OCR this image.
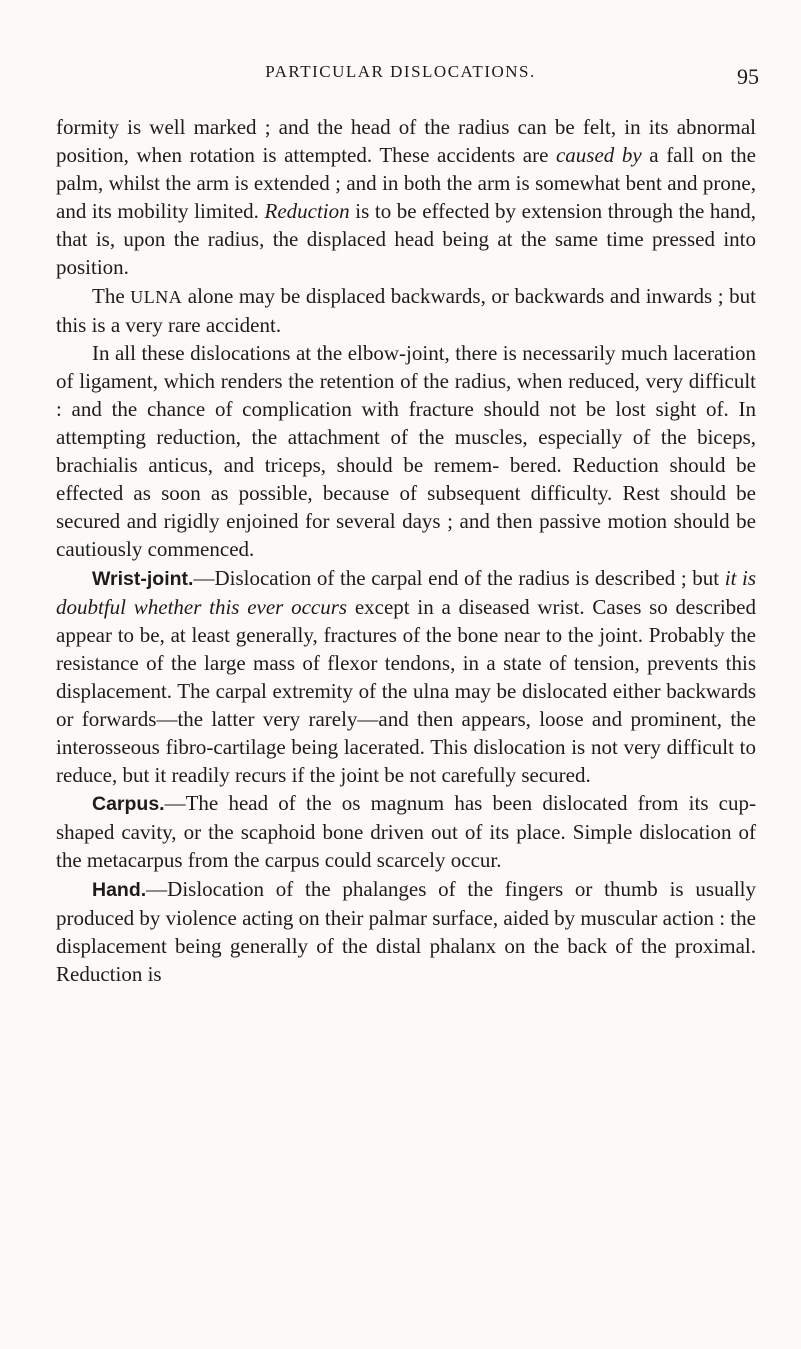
PARTICULAR DISLOCATIONS.	95

formity is well marked ; and the head of the radius can be felt, in its abnormal position, when rotation is attempted. These accidents are caused by a fall on the palm, whilst the arm is extended ; and in both the arm is somewhat bent and prone, and its mobility limited. Reduction is to be effected by extension through the hand, that is, upon the radius, the displaced head being at the same time pressed into position.

The ULNA alone may be displaced backwards, or backwards and inwards ; but this is a very rare accident.

In all these dislocations at the elbow-joint, there is necessarily much laceration of ligament, which renders the retention of the radius, when reduced, very difficult : and the chance of complication with fracture should not be lost sight of. In attempting reduction, the attachment of the muscles, especially of the biceps, brachialis anticus, and triceps, should be remem- bered. Reduction should be effected as soon as possible, because of subsequent difficulty. Rest should be secured and rigidly enjoined for several days ; and then passive motion should be cautiously commenced.

Wrist-joint.—Dislocation of the carpal end of the radius is described ; but it is doubtful whether this ever occurs except in a diseased wrist. Cases so described appear to be, at least generally, fractures of the bone near to the joint. Probably the resistance of the large mass of flexor tendons, in a state of tension, prevents this displacement. The carpal extremity of the ulna may be dislocated either backwards or forwards—the latter very rarely—and then appears, loose and prominent, the interosseous fibro-cartilage being lacerated. This dislocation is not very difficult to reduce, but it readily recurs if the joint be not carefully secured.

Carpus.—The head of the os magnum has been dislocated from its cup-shaped cavity, or the scaphoid bone driven out of its place. Simple dislocation of the metacarpus from the carpus could scarcely occur.

Hand.—Dislocation of the phalanges of the fingers or thumb is usually produced by violence acting on their palmar surface, aided by muscular action : the displacement being generally of the distal phalanx on the back of the proximal. Reduction is
